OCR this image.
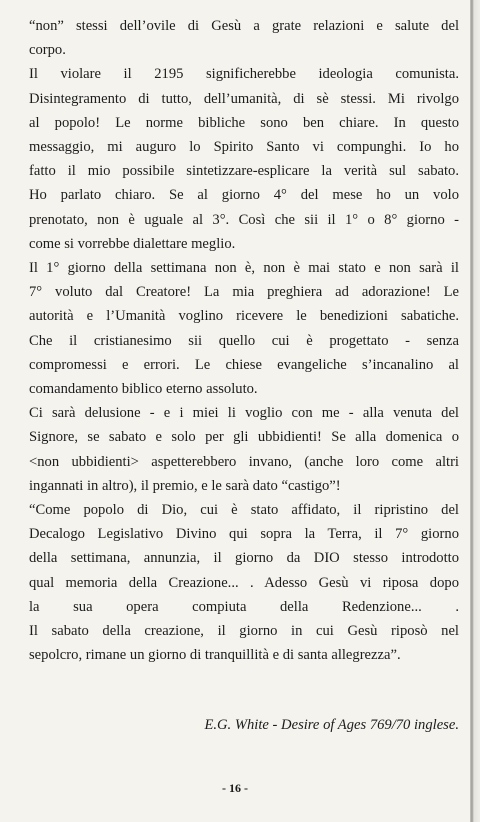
“non” stessi dell’ovile di Gesù a grate relazioni e salute del

corpo.

Il violare il 2195 significherebbe ideologia comunista.

Disintegramento di tutto, dell’umanità, di sè stessi. Mi rivolgo

al popolo! Le norme bibliche sono ben chiare. In questo

messaggio, mi auguro lo Spirito Santo vi compunghi. Io ho

fatto il mio possibile sintetizzare-esplicare la verità sul sabato.

Ho parlato chiaro. Se al giorno 4° del mese ho un volo

prenotato, non è uguale al 3°. Così che sii il 1° o 8° giorno -

come si vorrebbe dialettare meglio.

Il 1° giorno della settimana non è, non è mai stato e non sarà il

7° voluto dal Creatore! La mia preghiera ad adorazione! Le

autorità e l’Umanità voglino ricevere le benedizioni sabatiche.

Che il cristianesimo sii quello cui è progettato - senza

compromessi e errori. Le chiese evangeliche s’incanalino al

comandamento biblico eterno assoluto.

Ci sarà delusione - e i miei li voglio con me - alla venuta del

Signore, se sabato e solo per gli ubbidienti! Se alla domenica o

<non ubbidienti> aspetterebbero invano, (anche loro come altri

ingannati in altro), il premio, e le sarà dato “castigo”!

“Come popolo di Dio, cui è stato affidato, il ripristino del

Decalogo Legislativo Divino qui sopra la Terra, il 7° giorno

della settimana, annunzia, il giorno da DIO stesso introdotto

qual memoria della Creazione... . Adesso Gesù vi riposa dopo

la sua opera compiuta della Redenzione... .

Il sabato della creazione, il giorno in cui Gesù riposò nel

sepolcro, rimane un giorno di tranquillità e di santa allegrezza”.

E.G. White - Desire of Ages 769/70 inglese.

- 16 -
